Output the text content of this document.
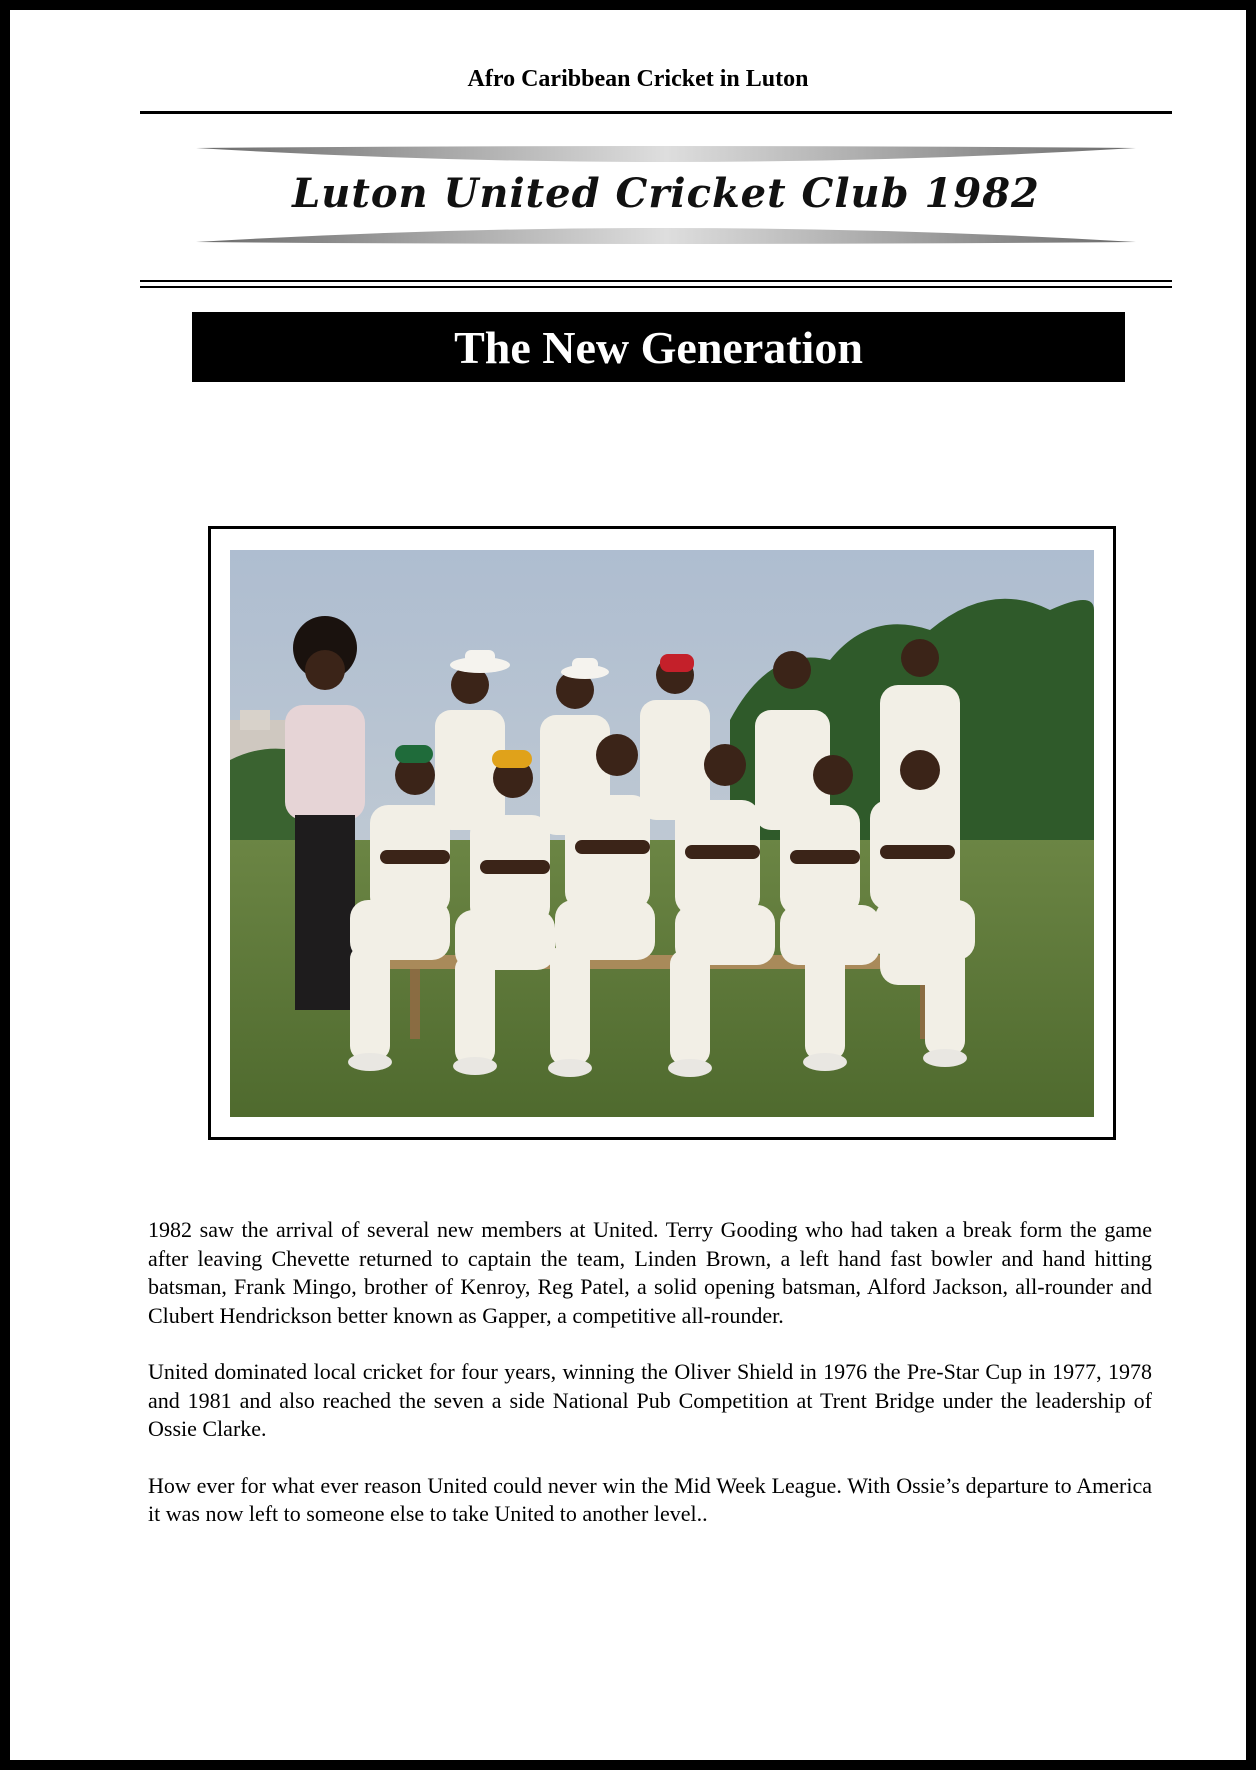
Afro Caribbean Cricket in Luton
Luton United Cricket Club 1982
The New Generation

1982 saw the arrival of several new members at United. Terry Gooding who had taken a break form the game after leaving Chevette returned to captain the team, Linden Brown, a left hand fast bowler and hand hitting batsman, Frank Mingo, brother of Kenroy, Reg Patel, a solid opening batsman, Alford Jackson, all-rounder and Clubert Hendrickson better known as Gapper, a competitive all-rounder.

United dominated local cricket for four years, winning the Oliver Shield in 1976 the Pre-Star Cup in 1977, 1978 and 1981 and also reached the seven a side National Pub Competition at Trent Bridge under the leadership of Ossie Clarke.

How ever for what ever reason United could never win the Mid Week League. With Ossie’s departure to America it was now left to someone else to take United to another level..
